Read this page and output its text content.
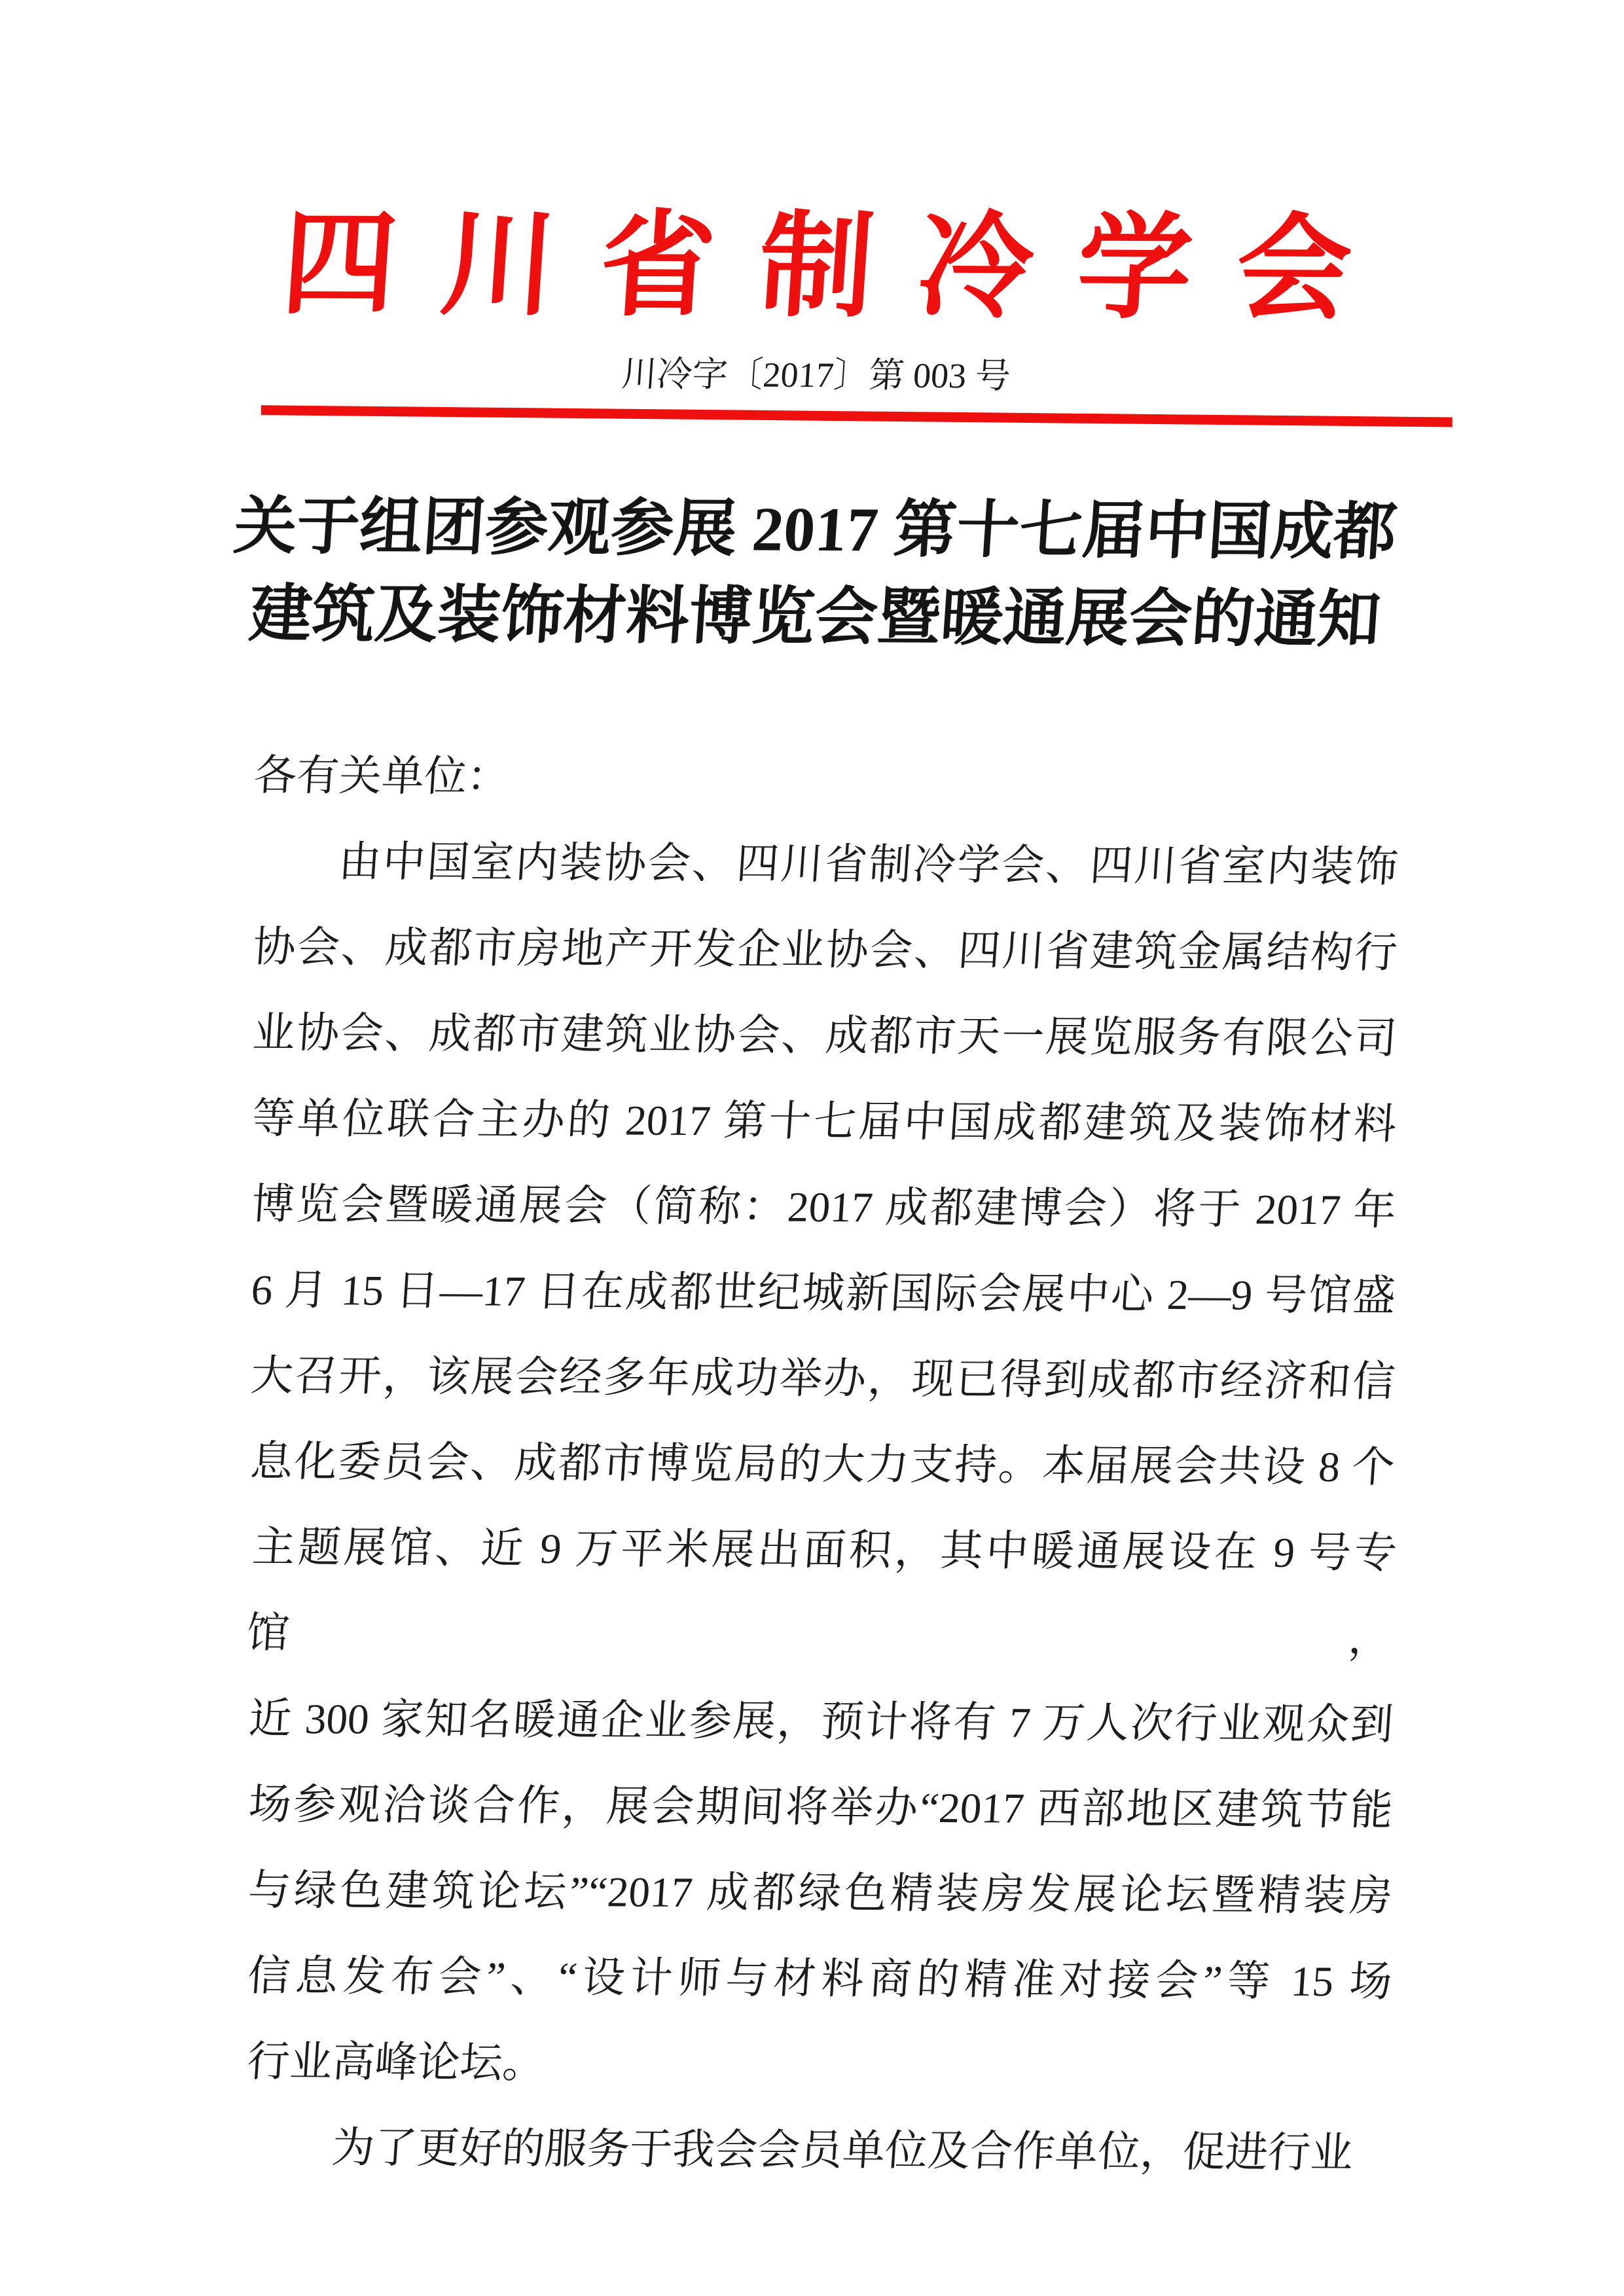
四川省制冷学会
川冷字〔2017〕第 003 号
关于组团参观参展 2017 第十七届中国成都
建筑及装饰材料博览会暨暖通展会的通知
各有关单位：
由中国室内装协会、四川省制冷学会、四川省室内装饰
协会、成都市房地产开发企业协会、四川省建筑金属结构行
业协会、成都市建筑业协会、成都市天一展览服务有限公司
等单位联合主办的 2017 第十七届中国成都建筑及装饰材料
博览会暨暖通展会（简称：2017 成都建博会）将于 2017 年
6 月 15 日—17 日在成都世纪城新国际会展中心 2—9 号馆盛
大召开，该展会经多年成功举办，现已得到成都市经济和信
息化委员会、成都市博览局的大力支持。本届展会共设 8 个
主题展馆、近 9 万平米展出面积，其中暖通展设在 9 号专馆，
近 300 家知名暖通企业参展，预计将有 7 万人次行业观众到
场参观洽谈合作，展会期间将举办“2017 西部地区建筑节能
与绿色建筑论坛”“2017 成都绿色精装房发展论坛暨精装房
信息发布会”、“设计师与材料商的精准对接会”等 15 场
行业高峰论坛。
为了更好的服务于我会会员单位及合作单位，促进行业
